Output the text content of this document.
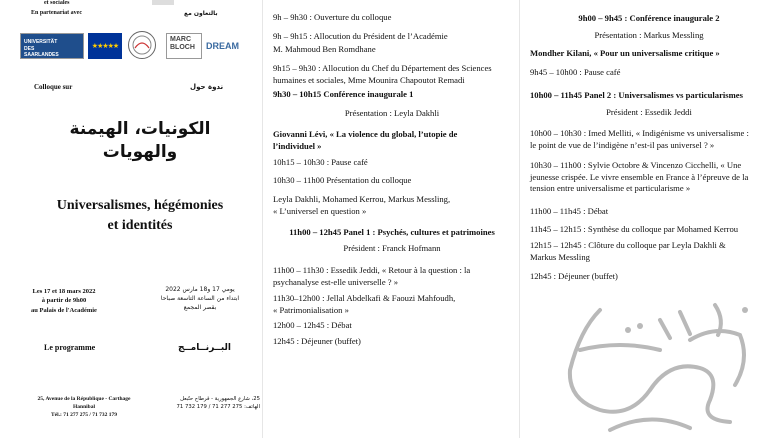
et sociales
En partenariat avec	بالتعاون مع
UNIVERSITÄT
DES
SAARLANDES
★★★★★
MARC
BLOCH	DREAM
Colloque sur	ندوة حول
الكونيات، الهيمنة
والهويات
Universalismes, hégémonies
et identités
Les 17 et 18 mars 2022
à partir de 9h00
au Palais de l'Académie
يومي 17 و18 مارس 2022
ابتداء من الساعة التاسعة صباحا
بقصر المجمع
Le programme	البــرنــامــج
25, Avenue de la République - Carthage
Hannibal
Tél.: 71 277 275 / 71 732 179
25، شارع الجمهورية - قرطاج حنّبعل
الهاتف: 275 277 71 / 179 732 71

9h – 9h30 : Ouverture du colloque

9h – 9h15 : Allocution du Président de l’Académie

M. Mahmoud Ben Romdhane

9h15 – 9h30 : Allocution du Chef du Département des Sciences
humaines et sociales, Mme Mounira Chapoutot Remadi

9h30 – 10h15 Conférence inaugurale 1

Présentation : Leyla Dakhli

Giovanni Lévi, « La violence du global, l’utopie de
l’individuel »

10h15 – 10h30 : Pause café

10h30 – 11h00 Présentation du colloque

Leyla Dakhli, Mohamed Kerrou, Markus Messling,
« L’universel en question »

11h00 – 12h45 Panel 1 : Psychés, cultures et patrimoines

Président : Franck Hofmann

11h00 – 11h30 : Essedik Jeddi, « Retour à la question : la
psychanalyse est-elle universelle ? »

11h30–12h00 : Jellal Abdelkafi & Faouzi Mahfoudh,
« Patrimonialisation »

12h00 – 12h45 : Débat

12h45 : Déjeuner (buffet)

9h00 – 9h45 : Conférence inaugurale 2

Présentation : Markus Messling

Mondher Kilani, « Pour un universalisme critique »

9h45 – 10h00 : Pause café

10h00 – 11h45 Panel 2 : Universalismes vs particularismes

Président : Essedik Jeddi

10h00 – 10h30 : Imed Melliti, « Indigénisme vs universalisme :
le point de vue de l’indigène n’est-il pas universel ? »

10h30 – 11h00 : Sylvie Octobre & Vincenzo Cicchelli, « Une
jeunesse crispée. Le vivre ensemble en France à l’épreuve de la
tension entre universalisme et particularisme »

11h00 – 11h45 : Débat

11h45 – 12h15 : Synthèse du colloque par Mohamed Kerrou

12h15 – 12h45 : Clôture du colloque par Leyla Dakhli &
Markus Messling

12h45 : Déjeuner (buffet)
